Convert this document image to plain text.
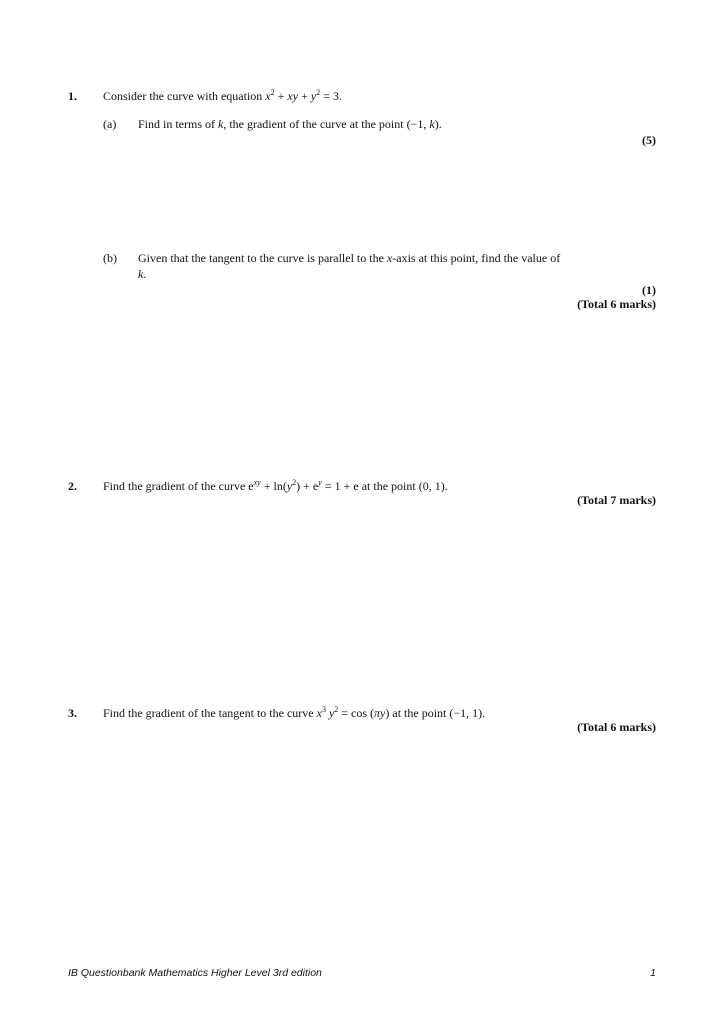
1. Consider the curve with equation $x^2$ + xy + $y^2 = 3$.
(a) Find in terms of k, the gradient of the curve at the point (−1, k).
(5)
(b) Given that the tangent to the curve is parallel to the x-axis at this point, find the value of
k.
(1)
(Total 6 marks)
2. Find the gradient of the curve $e^{xy} + \ln(y^2) + e^y = 1 + e$ at the point (0, 1).
(Total 7 marks)
3. Find the gradient of the tangent to the curve $x^3$ $y^2 = \cos (\pi y)$ at the point (−1, 1).
(Total 6 marks)
IB Questionbank Mathematics Higher Level 3rd edition	1
